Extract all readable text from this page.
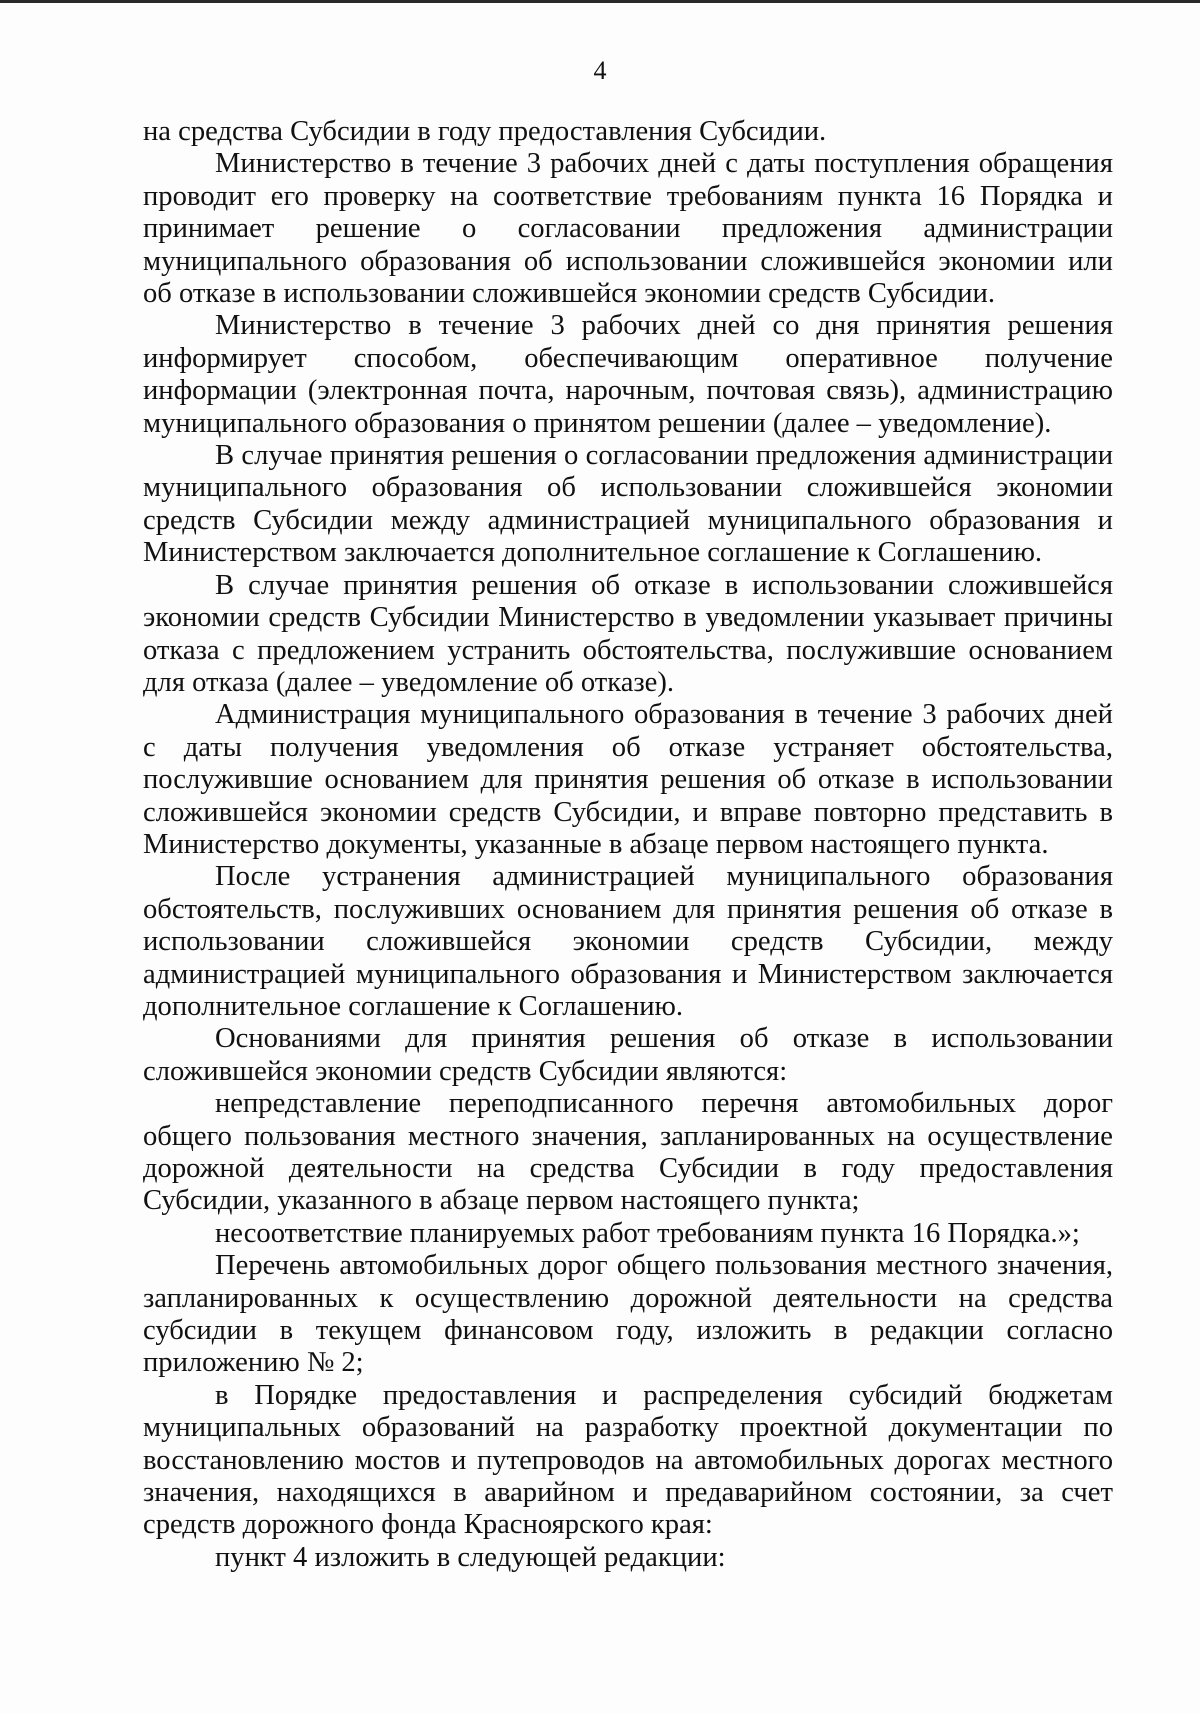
4

на средства Субсидии в году предоставления Субсидии.

Министерство в течение 3 рабочих дней с даты поступления обращения проводит его проверку на соответствие требованиям пункта 16 Порядка и принимает решение о согласовании предложения администрации муниципального образования об использовании сложившейся экономии или об отказе в использовании сложившейся экономии средств Субсидии.

Министерство в течение 3 рабочих дней со дня принятия решения информирует способом, обеспечивающим оперативное получение информации (электронная почта, нарочным, почтовая связь), администрацию муниципального образования о принятом решении (далее – уведомление).

В случае принятия решения о согласовании предложения администрации муниципального образования об использовании сложившейся экономии средств Субсидии между администрацией муниципального образования и Министерством заключается дополнительное соглашение к Соглашению.

В случае принятия решения об отказе в использовании сложившейся экономии средств Субсидии Министерство в уведомлении указывает причины отказа с предложением устранить обстоятельства, послужившие основанием для отказа (далее – уведомление об отказе).

Администрация муниципального образования в течение 3 рабочих дней с даты получения уведомления об отказе устраняет обстоятельства, послужившие основанием для принятия решения об отказе в использовании сложившейся экономии средств Субсидии, и вправе повторно представить в Министерство документы, указанные в абзаце первом настоящего пункта.

После устранения администрацией муниципального образования обстоятельств, послуживших основанием для принятия решения об отказе в использовании сложившейся экономии средств Субсидии, между администрацией муниципального образования и Министерством заключается дополнительное соглашение к Соглашению.

Основаниями для принятия решения об отказе в использовании сложившейся экономии средств Субсидии являются:

непредставление переподписанного перечня автомобильных дорог общего пользования местного значения, запланированных на осуществление дорожной деятельности на средства Субсидии в году предоставления Субсидии, указанного в абзаце первом настоящего пункта;

несоответствие планируемых работ требованиям пункта 16 Порядка.»;

Перечень автомобильных дорог общего пользования местного значения, запланированных к осуществлению дорожной деятельности на средства субсидии в текущем финансовом году, изложить в редакции согласно приложению № 2;

в Порядке предоставления и распределения субсидий бюджетам муниципальных образований на разработку проектной документации по восстановлению мостов и путепроводов на автомобильных дорогах местного значения, находящихся в аварийном и предаварийном состоянии, за счет средств дорожного фонда Красноярского края:

пункт 4 изложить в следующей редакции:
